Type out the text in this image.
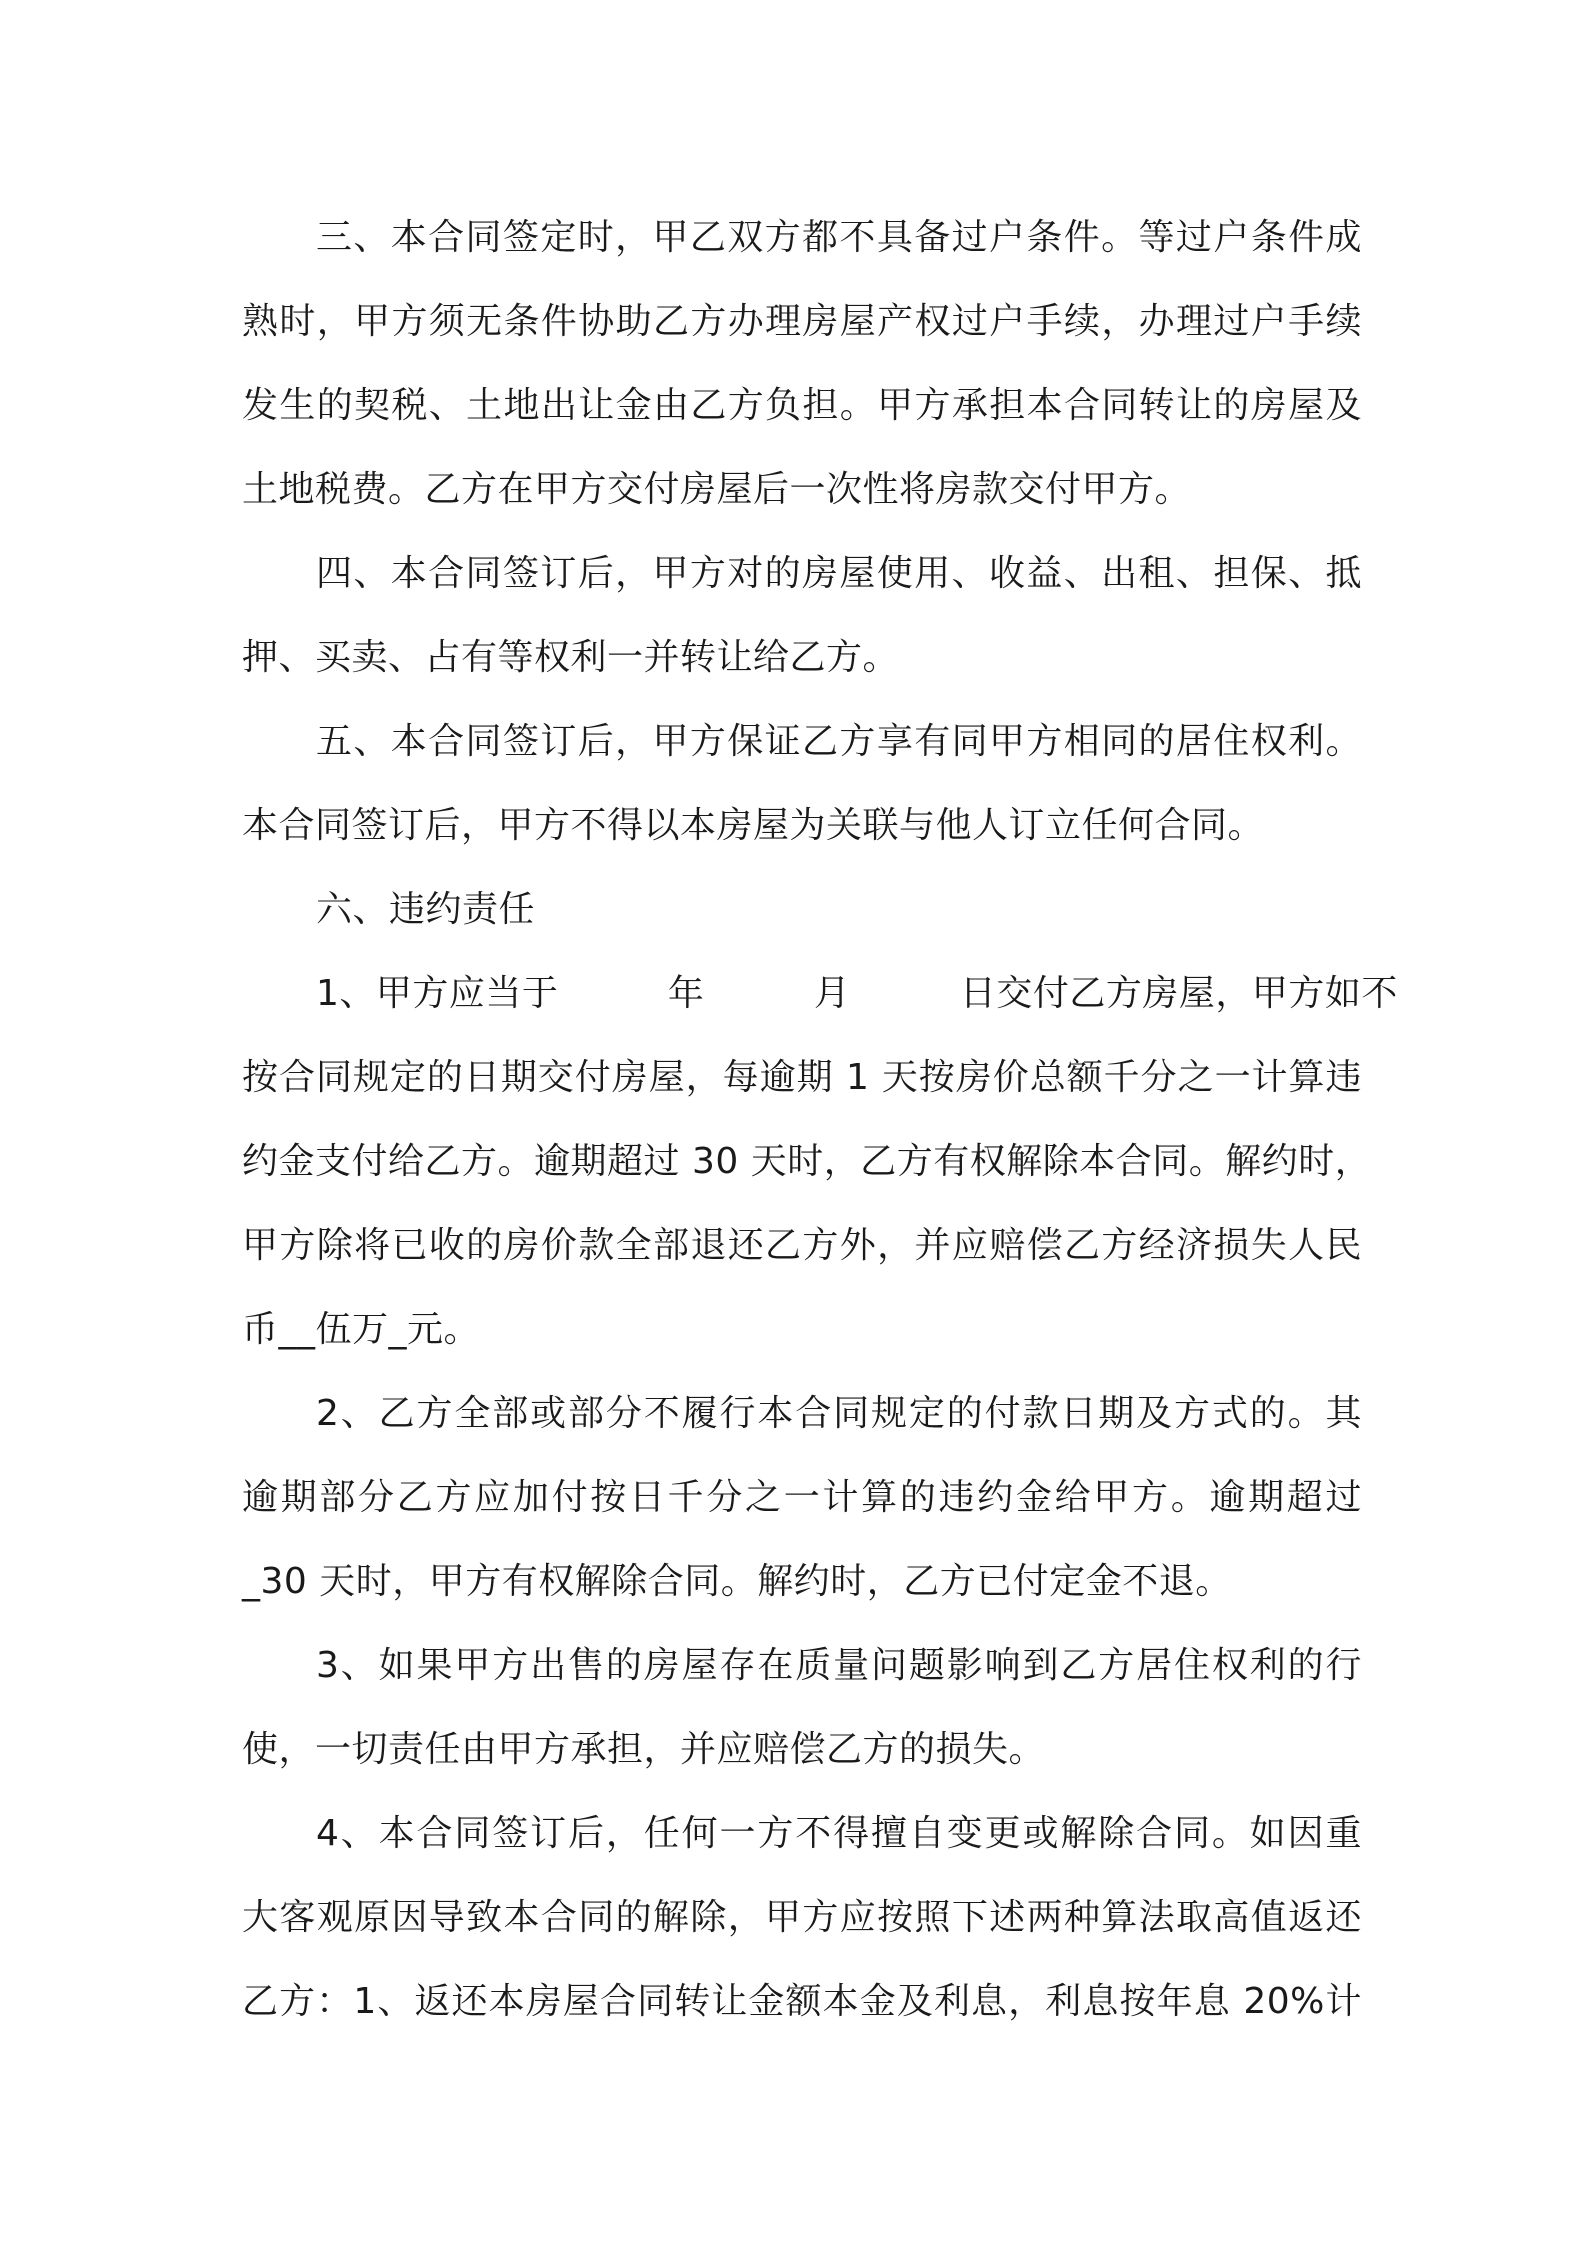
三、本合同签定时，甲乙双方都不具备过户条件。等过户条件成
熟时，甲方须无条件协助乙方办理房屋产权过户手续，办理过户手续
发生的契税、土地出让金由乙方负担。甲方承担本合同转让的房屋及
土地税费。乙方在甲方交付房屋后一次性将房款交付甲方。
四、本合同签订后，甲方对的房屋使用、收益、出租、担保、抵
押、买卖、占有等权利一并转让给乙方。
五、本合同签订后，甲方保证乙方享有同甲方相同的居住权利。
本合同签订后，甲方不得以本房屋为关联与他人订立任何合同。
六、违约责任
1、甲方应当于　　　年　　　月　　　日交付乙方房屋，甲方如不
按合同规定的日期交付房屋，每逾期 1 天按房价总额千分之一计算违
约金支付给乙方。逾期超过 30 天时，乙方有权解除本合同。解约时，
甲方除将已收的房价款全部退还乙方外，并应赔偿乙方经济损失人民
币__伍万_元。
2、乙方全部或部分不履行本合同规定的付款日期及方式的。其
逾期部分乙方应加付按日千分之一计算的违约金给甲方。逾期超过
_30 天时，甲方有权解除合同。解约时，乙方已付定金不退。
3、如果甲方出售的房屋存在质量问题影响到乙方居住权利的行
使，一切责任由甲方承担，并应赔偿乙方的损失。
4、本合同签订后，任何一方不得擅自变更或解除合同。如因重
大客观原因导致本合同的解除，甲方应按照下述两种算法取高值返还
乙方：1、返还本房屋合同转让金额本金及利息，利息按年息 20%计
